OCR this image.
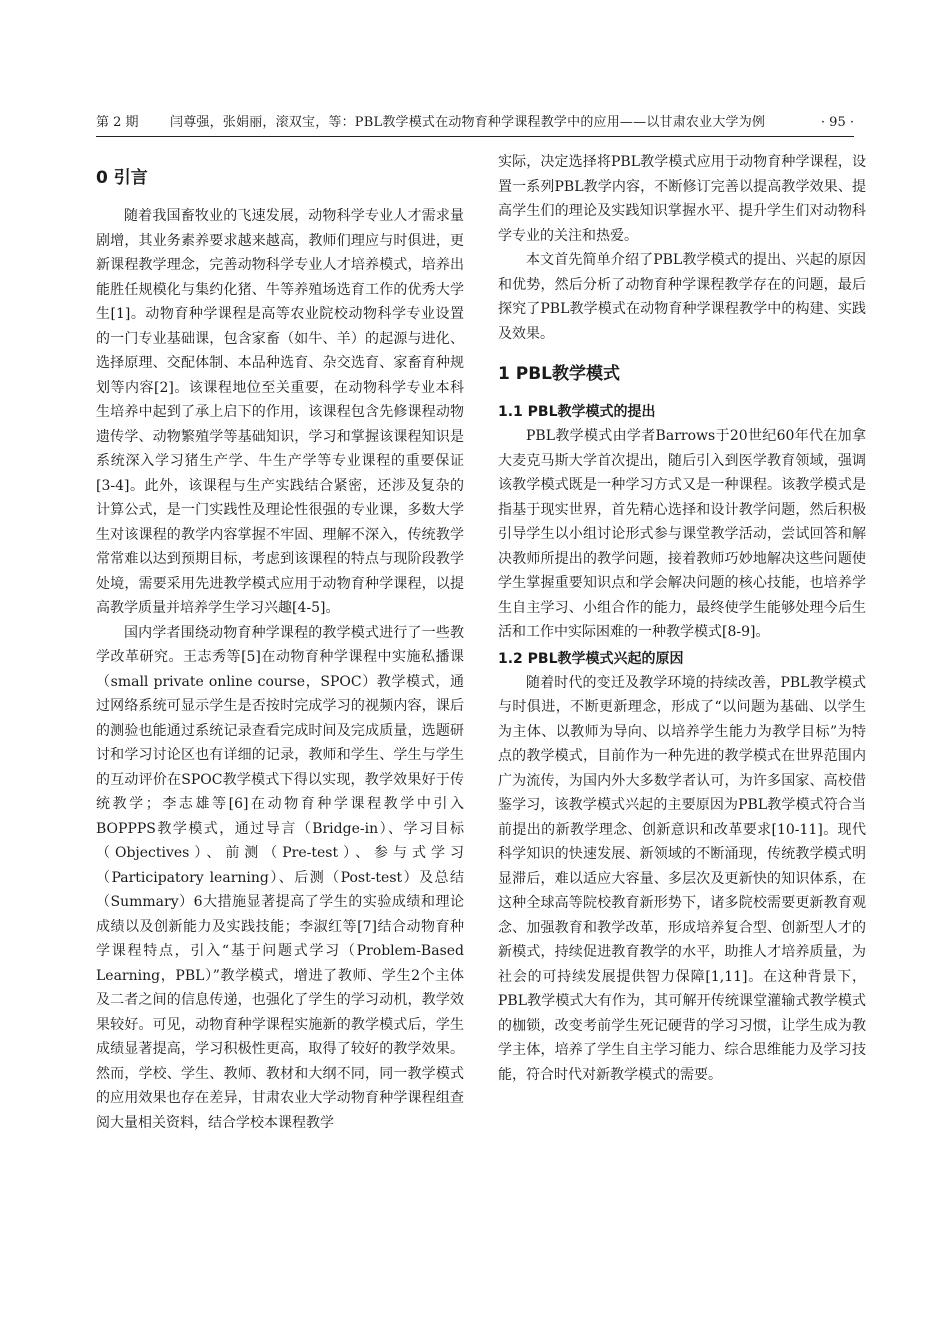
第 2 期 闫尊强，张娟丽，滚双宝，等：PBL教学模式在动物育种学课程教学中的应用——以甘肃农业大学为例	· 95 ·
0 引言

随着我国畜牧业的飞速发展，动物科学专业人才需求量剧增，其业务素养要求越来越高，教师们理应与时俱进，更新课程教学理念，完善动物科学专业人才培养模式，培养出能胜任规模化与集约化猪、牛等养殖场选育工作的优秀大学生[1]。动物育种学课程是高等农业院校动物科学专业设置的一门专业基础课，包含家畜（如牛、羊）的起源与进化、选择原理、交配体制、本品种选育、杂交选育、家畜育种规划等内容[2]。该课程地位至关重要，在动物科学专业本科生培养中起到了承上启下的作用，该课程包含先修课程动物遗传学、动物繁殖学等基础知识，学习和掌握该课程知识是系统深入学习猪生产学、牛生产学等专业课程的重要保证[3-4]。此外，该课程与生产实践结合紧密，还涉及复杂的计算公式，是一门实践性及理论性很强的专业课，多数大学生对该课程的教学内容掌握不牢固、理解不深入，传统教学常常难以达到预期目标，考虑到该课程的特点与现阶段教学处境，需要采用先进教学模式应用于动物育种学课程，以提高教学质量并培养学生学习兴趣[4-5]。

国内学者围绕动物育种学课程的教学模式进行了一些教学改革研究。王志秀等[5]在动物育种学课程中实施私播课（small private online course，SPOC）教学模式，通过网络系统可显示学生是否按时完成学习的视频内容，课后的测验也能通过系统记录查看完成时间及完成质量，选题研讨和学习讨论区也有详细的记录，教师和学生、学生与学生的互动评价在SPOC教学模式下得以实现，教学效果好于传统教学；李志雄等[6]在动物育种学课程教学中引入BOPPPS教学模式，通过导言（Bridge-in）、学习目标（Objectives）、前测（Pre-test）、参与式学习（Participatory learning）、后测（Post-test）及总结（Summary）6大措施显著提高了学生的实验成绩和理论成绩以及创新能力及实践技能；李淑红等[7]结合动物育种学课程特点，引入“基于问题式学习（Problem-Based Learning，PBL）”教学模式，增进了教师、学生2个主体及二者之间的信息传递，也强化了学生的学习动机，教学效果较好。可见，动物育种学课程实施新的教学模式后，学生成绩显著提高，学习积极性更高，取得了较好的教学效果。然而，学校、学生、教师、教材和大纲不同，同一教学模式的应用效果也存在差异，甘肃农业大学动物育种学课程组查阅大量相关资料，结合学校本课程教学

实际，决定选择将PBL教学模式应用于动物育种学课程，设置一系列PBL教学内容，不断修订完善以提高教学效果、提高学生们的理论及实践知识掌握水平、提升学生们对动物科学专业的关注和热爱。

本文首先简单介绍了PBL教学模式的提出、兴起的原因和优势，然后分析了动物育种学课程教学存在的问题，最后探究了PBL教学模式在动物育种学课程教学中的构建、实践及效果。

1 PBL教学模式
1.1 PBL教学模式的提出

PBL教学模式由学者Barrows于20世纪60年代在加拿大麦克马斯大学首次提出，随后引入到医学教育领域，强调该教学模式既是一种学习方式又是一种课程。该教学模式是指基于现实世界，首先精心选择和设计教学问题，然后积极引导学生以小组讨论形式参与课堂教学活动，尝试回答和解决教师所提出的教学问题，接着教师巧妙地解决这些问题使学生掌握重要知识点和学会解决问题的核心技能，也培养学生自主学习、小组合作的能力，最终使学生能够处理今后生活和工作中实际困难的一种教学模式[8-9]。

1.2 PBL教学模式兴起的原因

随着时代的变迁及教学环境的持续改善，PBL教学模式与时俱进，不断更新理念，形成了“以问题为基础、以学生为主体、以教师为导向、以培养学生能力为教学目标”为特点的教学模式，目前作为一种先进的教学模式在世界范围内广为流传，为国内外大多数学者认可，为许多国家、高校借鉴学习，该教学模式兴起的主要原因为PBL教学模式符合当前提出的新教学理念、创新意识和改革要求[10-11]。现代科学知识的快速发展、新领域的不断涌现，传统教学模式明显滞后，难以适应大容量、多层次及更新快的知识体系，在这种全球高等院校教育新形势下，诸多院校需要更新教育观念、加强教育和教学改革，形成培养复合型、创新型人才的新模式，持续促进教育教学的水平，助推人才培养质量，为社会的可持续发展提供智力保障[1,11]。在这种背景下，PBL教学模式大有作为，其可解开传统课堂灌输式教学模式的枷锁，改变考前学生死记硬背的学习习惯，让学生成为教学主体，培养了学生自主学习能力、综合思维能力及学习技能，符合时代对新教学模式的需要。
